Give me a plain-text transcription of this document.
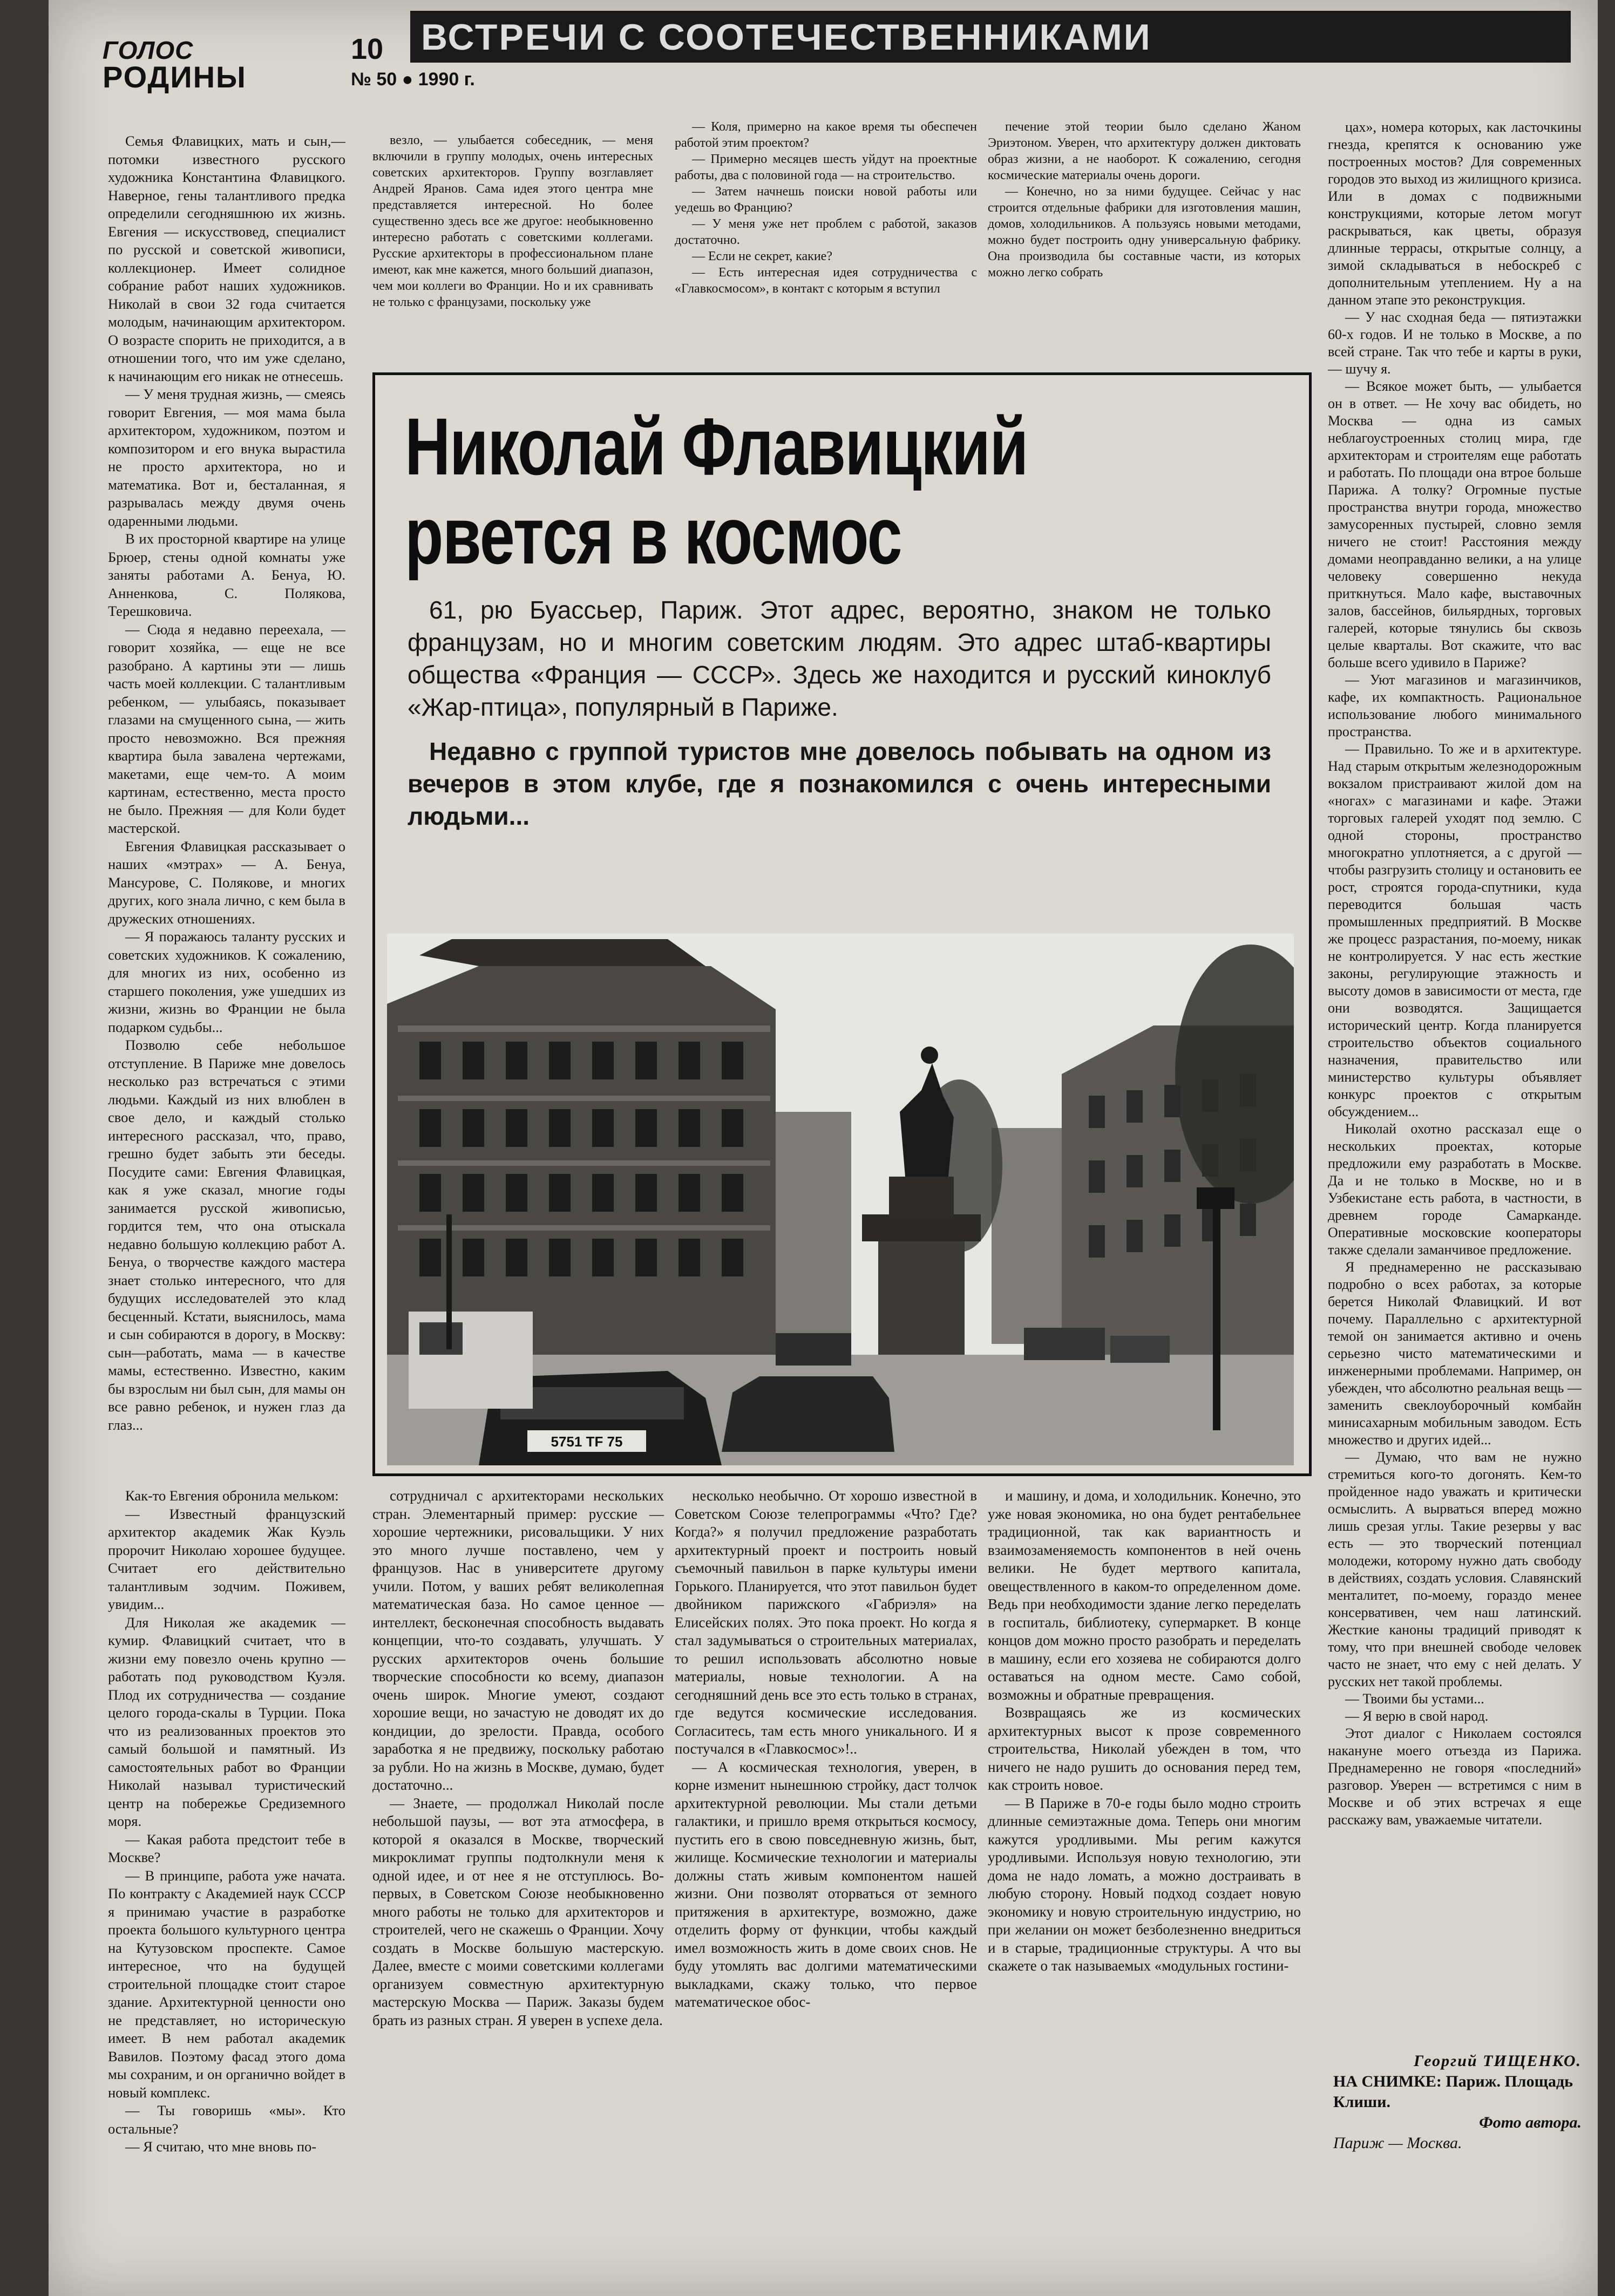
ГОЛОС
РОДИНЫ
10 ВСТРЕЧИ С СООТЕЧЕСТВЕННИКАМИ
№ 50 ● 1990 г.

Семья Флавицких, мать и сын,— потомки известного русского художника Константина Флавицкого. Наверное, гены талантливого предка определили сегодняшнюю их жизнь. Евгения — искусствовед, специалист по русской и советской живописи, коллекционер. Имеет солидное собрание работ наших художников. Николай в свои 32 года считается молодым, начинающим архитектором. О возрасте спорить не приходится, а в отношении того, что им уже сделано, к начинающим его никак не отнесешь.

— У меня трудная жизнь, — смеясь говорит Евгения, — моя мама была архитектором, художником, поэтом и композитором и его внука вырастила не просто архитектора, но и математика. Вот и, бесталанная, я разрывалась между двумя очень одаренными людьми.

В их просторной квартире на улице Брюер, стены одной комнаты уже заняты работами А. Бенуа, Ю. Анненкова, С. Полякова, Терешковича.

— Сюда я недавно переехала, — говорит хозяйка, — еще не все разобрано. А картины эти — лишь часть моей коллекции. С талантливым ребенком, — улыбаясь, показывает глазами на смущенного сына, — жить просто невозможно. Вся прежняя квартира была завалена чертежами, макетами, еще чем-то. А моим картинам, естественно, места просто не было. Прежняя — для Коли будет мастерской.

Евгения Флавицкая рассказывает о наших «мэтрах» — А. Бенуа, Мансурове, С. Полякове, и многих других, кого знала лично, с кем была в дружеских отношениях.

— Я поражаюсь таланту русских и советских художников. К сожалению, для многих из них, особенно из старшего поколения, уже ушедших из жизни, жизнь во Франции не была подарком судьбы...

Позволю себе небольшое отступление. В Париже мне довелось несколько раз встречаться с этими людьми. Каждый из них влюблен в свое дело, и каждый столько интересного рассказал, что, право, грешно будет забыть эти беседы. Посудите сами: Евгения Флавицкая, как я уже сказал, многие годы занимается русской живописью, гордится тем, что она отыскала недавно большую коллекцию работ А. Бенуа, о творчестве каждого мастера знает столько интересного, что для будущих исследователей это клад бесценный. Кстати, выяснилось, мама и сын собираются в дорогу, в Москву: сын—работать, мама — в качестве мамы, естественно. Известно, каким бы взрослым ни был сын, для мамы он все равно ребенок, и нужен глаз да глаз...

везло, — улыбается собеседник, — меня включили в группу молодых, очень интересных советских архитекторов. Группу возглавляет Андрей Яранов. Сама идея этого центра мне представляется интересной. Но более существенно здесь все же другое: необыкновенно интересно работать с советскими коллегами. Русские архитекторы в профессиональном плане имеют, как мне кажется, много больший диапазон, чем мои коллеги во Франции. Но и их сравнивать не только с французами, поскольку уже

— Коля, примерно на какое время ты обеспечен работой этим проектом?

— Примерно месяцев шесть уйдут на проектные работы, два с половиной года — на строительство.

— Затем начнешь поиски новой работы или уедешь во Францию?

— У меня уже нет проблем с работой, заказов достаточно.

— Если не секрет, какие?

— Есть интересная идея сотрудничества с «Главкосмосом», в контакт с которым я вступил

печение этой теории было сделано Жаном Эриэтоном. Уверен, что архитектуру должен диктовать образ жизни, а не наоборот. К сожалению, сегодня космические материалы очень дороги.

— Конечно, но за ними будущее. Сейчас у нас строится отдельные фабрики для изготовления машин, домов, холодильников. А пользуясь новыми методами, можно будет построить одну универсальную фабрику. Она производила бы составные части, из которых можно легко собрать

цах», номера которых, как ласточкины гнезда, крепятся к основанию уже построенных мостов? Для современных городов это выход из жилищного кризиса. Или в домах с подвижными конструкциями, которые летом могут раскрываться, как цветы, образуя длинные террасы, открытые солнцу, а зимой складываться в небоскреб с дополнительным утеплением. Ну а на данном этапе это реконструкция.

— У нас сходная беда — пятиэтажки 60-х годов. И не только в Москве, а по всей стране. Так что тебе и карты в руки, — шучу я.

— Всякое может быть, — улыбается он в ответ. — Не хочу вас обидеть, но Москва — одна из самых неблагоустроенных столиц мира, где архитекторам и строителям еще работать и работать. По площади она втрое больше Парижа. А толку? Огромные пустые пространства внутри города, множество замусоренных пустырей, словно земля ничего не стоит! Расстояния между домами неоправданно велики, а на улице человеку совершенно некуда приткнуться. Мало кафе, выставочных залов, бассейнов, бильярдных, торговых галерей, которые тянулись бы сквозь целые кварталы. Вот скажите, что вас больше всего удивило в Париже?

— Уют магазинов и магазинчиков, кафе, их компактность. Рациональное использование любого минимального пространства.

— Правильно. То же и в архитектуре. Над старым открытым железнодорожным вокзалом пристраивают жилой дом на «ногах» с магазинами и кафе. Этажи торговых галерей уходят под землю. С одной стороны, пространство многократно уплотняется, а с другой — чтобы разгрузить столицу и остановить ее рост, строятся города-спутники, куда переводится большая часть промышленных предприятий. В Москве же процесс разрастания, по-моему, никак не контролируется. У нас есть жесткие законы, регулирующие этажность и высоту домов в зависимости от места, где они возводятся. Защищается исторический центр. Когда планируется строительство объектов социального назначения, правительство или министерство культуры объявляет конкурс проектов с открытым обсуждением...

Николай охотно рассказал еще о нескольких проектах, которые предложили ему разработать в Москве. Да и не только в Москве, но и в Узбекистане есть работа, в частности, в древнем городе Самарканде. Оперативные московские кооператоры также сделали заманчивое предложение.

Я преднамеренно не рассказываю подробно о всех работах, за которые берется Николай Флавицкий. И вот почему. Параллельно с архитектурной темой он занимается активно и очень серьезно чисто математическими и инженерными проблемами. Например, он убежден, что абсолютно реальная вещь — заменить свеклоуборочный комбайн минисахарным мобильным заводом. Есть множество и других идей...

— Думаю, что вам не нужно стремиться кого-то догонять. Кем-то пройденное надо уважать и критически осмыслить. А вырваться вперед можно лишь срезая углы. Такие резервы у вас есть — это творческий потенциал молодежи, которому нужно дать свободу в действиях, создать условия. Славянский менталитет, по-моему, гораздо менее консервативен, чем наш латинский. Жесткие каноны традиций приводят к тому, что при внешней свободе человек часто не знает, что ему с ней делать. У русских нет такой проблемы.

— Твоими бы устами...

— Я верю в свой народ.

Этот диалог с Николаем состоялся накануне моего отъезда из Парижа. Преднамеренно не говоря «последний» разговор. Уверен — встретимся с ним в Москве и об этих встречах я еще расскажу вам, уважаемые читатели.

Николай Флавицкий
рвется в космос

61, рю Буассьер, Париж. Этот адрес, вероятно, знаком не только французам, но и многим советским людям. Это адрес штаб-квартиры общества «Франция — СССР». Здесь же находится и русский киноклуб «Жар-птица», популярный в Париже.

Недавно с группой туристов мне довелось побывать на одном из вечеров в этом клубе, где я познакомился с очень интересными людьми...

5751 TF 75

Как-то Евгения обронила мельком:

— Известный французский архитектор академик Жак Куэль пророчит Николаю хорошее будущее. Считает его действительно талантливым зодчим. Поживем, увидим...

Для Николая же академик — кумир. Флавицкий считает, что в жизни ему повезло очень крупно — работать под руководством Куэля. Плод их сотрудничества — создание целого города-скалы в Турции. Пока что из реализованных проектов это самый большой и памятный. Из самостоятельных работ во Франции Николай называл туристический центр на побережье Средиземного моря.

— Какая работа предстоит тебе в Москве?

— В принципе, работа уже начата. По контракту с Академией наук СССР я принимаю участие в разработке проекта большого культурного центра на Кутузовском проспекте. Самое интересное, что на будущей строительной площадке стоит старое здание. Архитектурной ценности оно не представляет, но историческую имеет. В нем работал академик Вавилов. Поэтому фасад этого дома мы сохраним, и он органично войдет в новый комплекс.

— Ты говоришь «мы». Кто остальные?

— Я считаю, что мне вновь по-

сотрудничал с архитекторами нескольких стран. Элементарный пример: русские — хорошие чертежники, рисовальщики. У них это много лучше поставлено, чем у французов. Нас в университете другому учили. Потом, у ваших ребят великолепная математическая база. Но самое ценное — интеллект, бесконечная способность выдавать концепции, что-то создавать, улучшать. У русских архитекторов очень большие творческие способности ко всему, диапазон очень широк. Многие умеют, создают хорошие вещи, но зачастую не доводят их до кондиции, до зрелости. Правда, особого заработка я не предвижу, поскольку работаю за рубли. Но на жизнь в Москве, думаю, будет достаточно...

— Знаете, — продолжал Николай после небольшой паузы, — вот эта атмосфера, в которой я оказался в Москве, творческий микроклимат группы подтолкнули меня к одной идее, и от нее я не отступлюсь. Во-первых, в Советском Союзе необыкновенно много работы не только для архитекторов и строителей, чего не скажешь о Франции. Хочу создать в Москве большую мастерскую. Далее, вместе с моими советскими коллегами организуем совместную архитектурную мастерскую Москва — Париж. Заказы будем брать из разных стран. Я уверен в успехе дела.

несколько необычно. От хорошо известной в Советском Союзе телепрограммы «Что? Где? Когда?» я получил предложение разработать архитектурный проект и построить новый съемочный павильон в парке культуры имени Горького. Планируется, что этот павильон будет двойником парижского «Габриэля» на Елисейских полях. Это пока проект. Но когда я стал задумываться о строительных материалах, то решил использовать абсолютно новые материалы, новые технологии. А на сегодняшний день все это есть только в странах, где ведутся космические исследования. Согласитесь, там есть много уникального. И я постучался в «Главкосмос»!..

— А космическая технология, уверен, в корне изменит нынешнюю стройку, даст толчок архитектурной революции. Мы стали детьми галактики, и пришло время открыться космосу, пустить его в свою повседневную жизнь, быт, жилище. Космические технологии и материалы должны стать живым компонентом нашей жизни. Они позволят оторваться от земного притяжения в архитектуре, возможно, даже отделить форму от функции, чтобы каждый имел возможность жить в доме своих снов. Не буду утомлять вас долгими математическими выкладками, скажу только, что первое математическое обос-

и машину, и дома, и холодильник. Конечно, это уже новая экономика, но она будет рентабельнее традиционной, так как вариантность и взаимозаменяемость компонентов в ней очень велики. Не будет мертвого капитала, овеществленного в каком-то определенном доме. Ведь при необходимости здание легко переделать в госпиталь, библиотеку, супермаркет. В конце концов дом можно просто разобрать и переделать в машину, если его хозяева не собираются долго оставаться на одном месте. Само собой, возможны и обратные превращения.

Возвращаясь же из космических архитектурных высот к прозе современного строительства, Николай убежден в том, что ничего не надо рушить до основания перед тем, как строить новое.

— В Париже в 70-е годы было модно строить длинные семиэтажные дома. Теперь они многим кажутся уродливыми. Мы регим кажутся уродливыми. Используя новую технологию, эти дома не надо ломать, а можно достраивать в любую сторону. Новый подход создает новую экономику и новую строительную индустрию, но при желании он может безболезненно внедриться и в старые, традиционные структуры. А что вы скажете о так называемых «модульных гостини-

Георгий ТИЩЕНКО.
НА СНИМКЕ: Париж. Площадь Клиши.
Фото автора.
Париж — Москва.
